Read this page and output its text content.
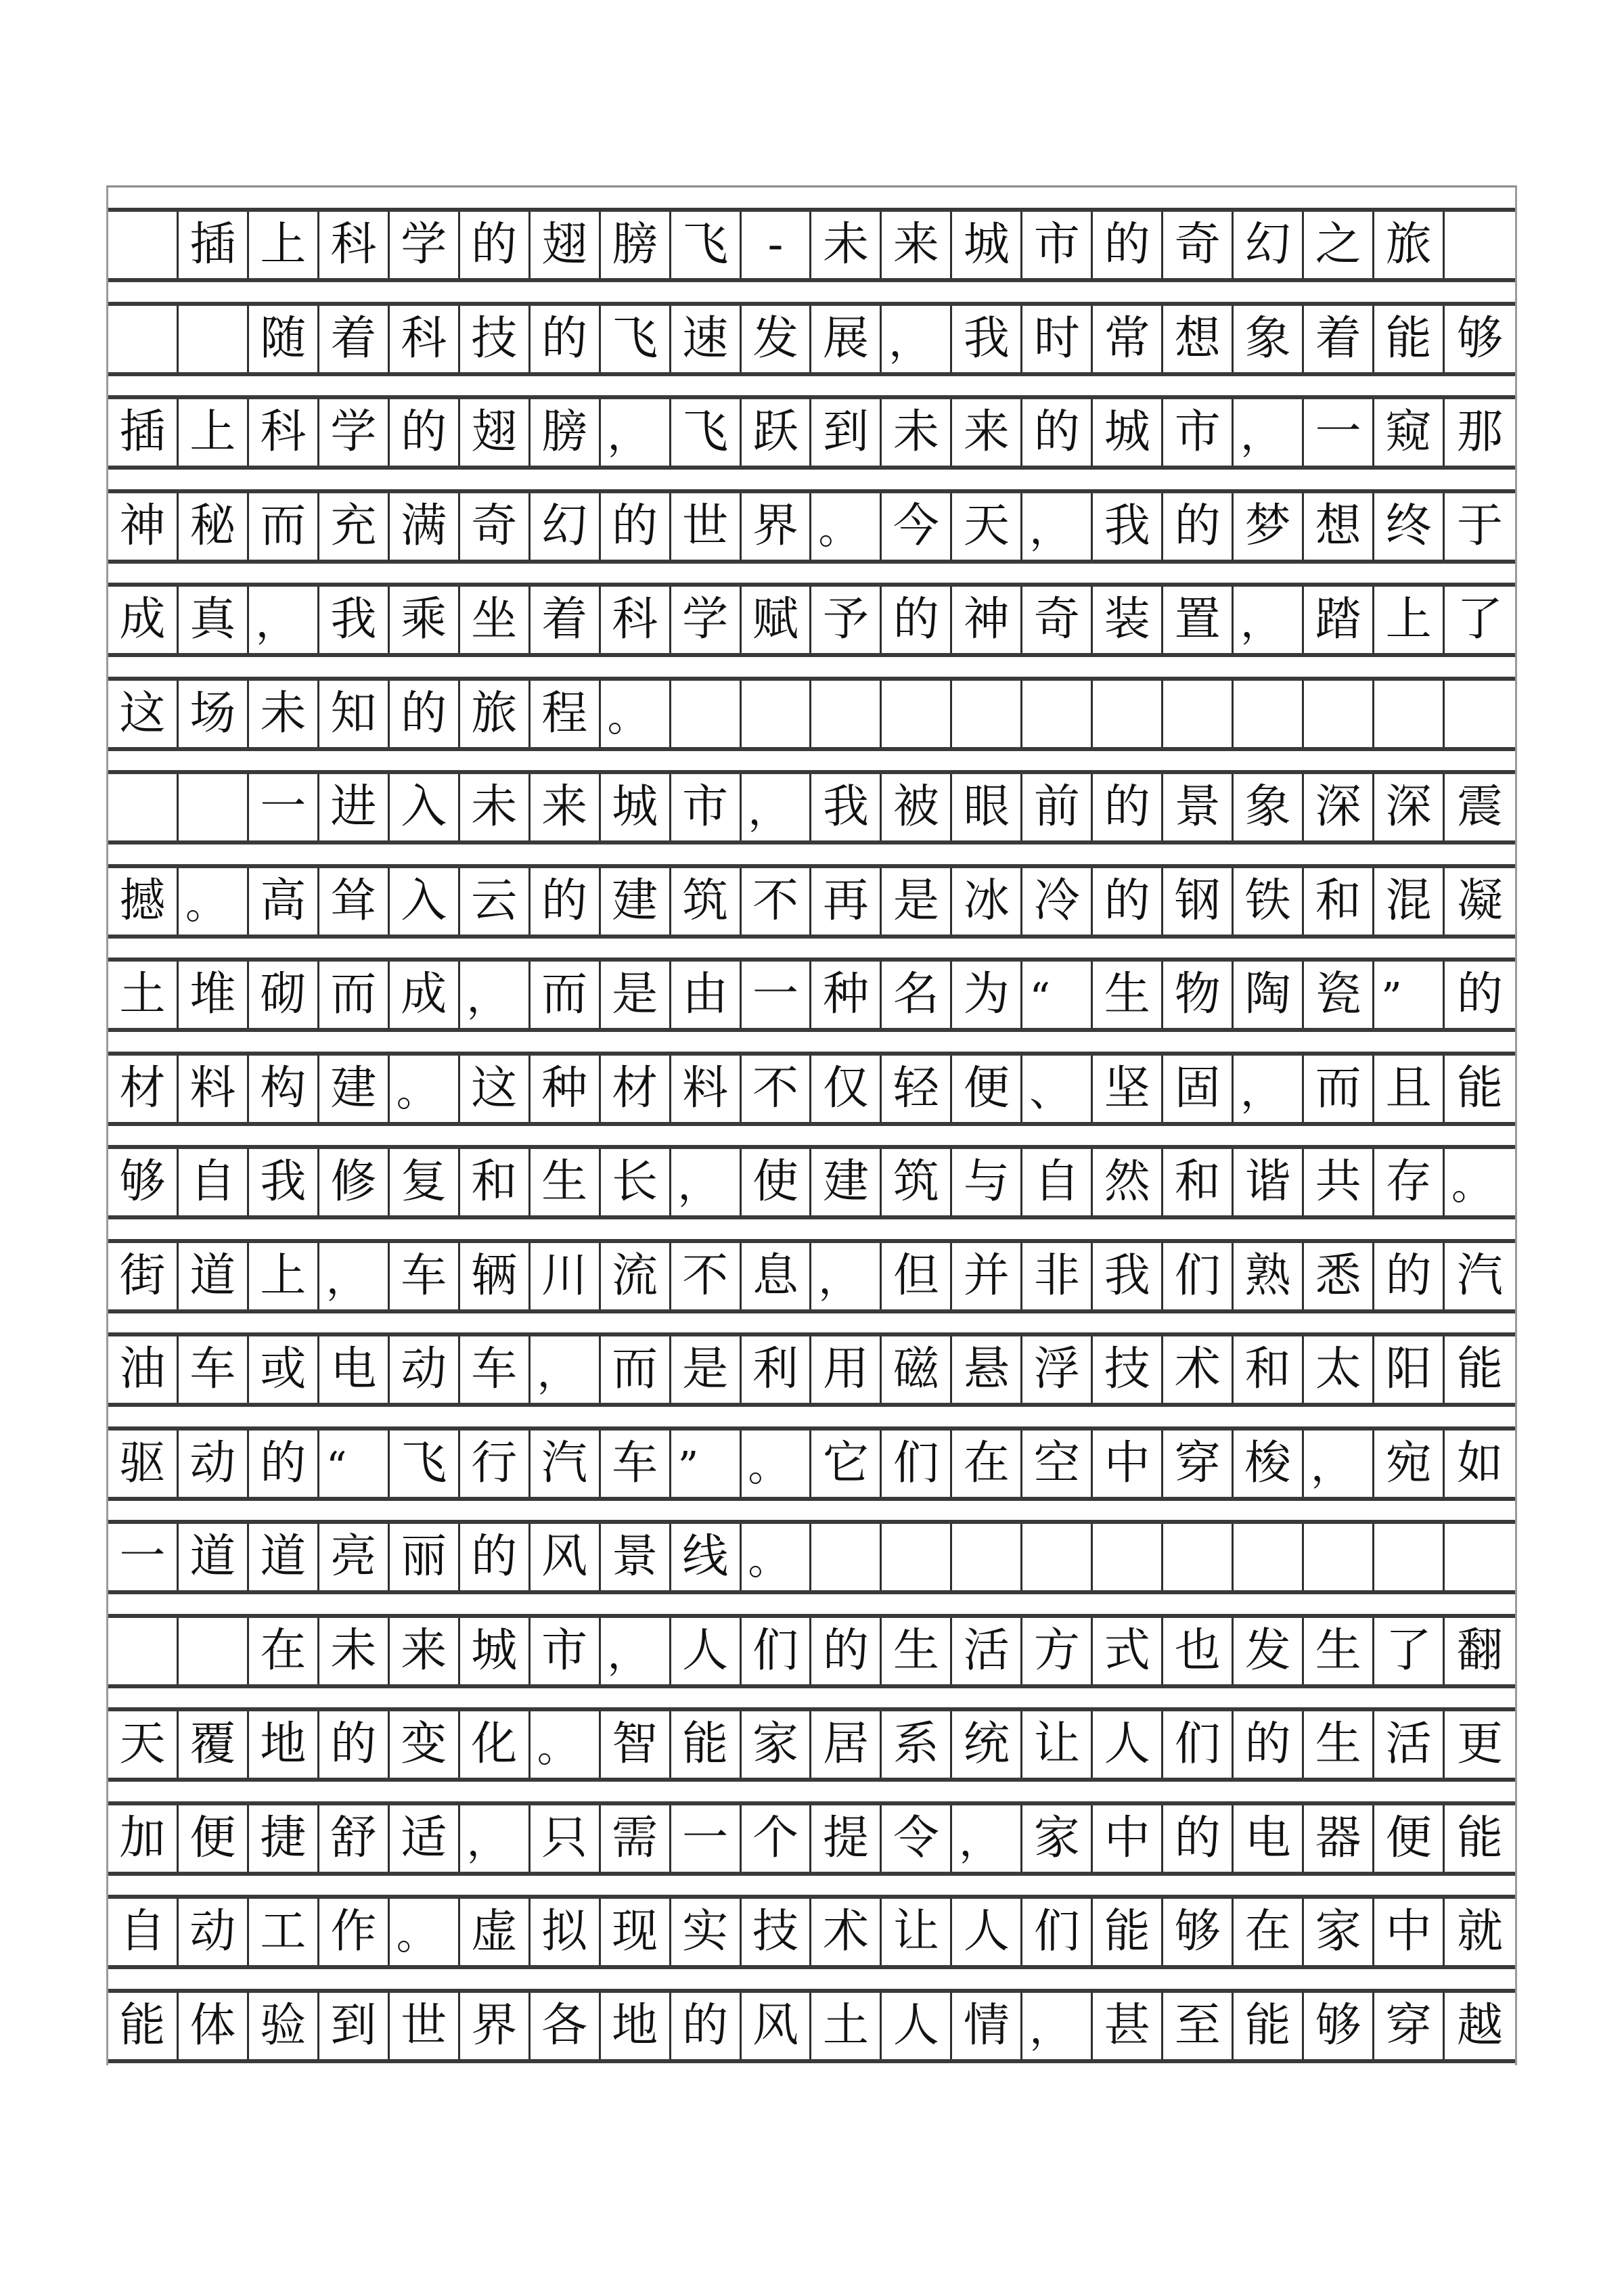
插 上 科 学 的 翅 膀 飞 - 未 来 城 市 的 奇 幻 之 旅
随 着 科 技 的 飞 速 发 展 ， 我 时 常 想 象 着 能 够
插 上 科 学 的 翅 膀 ， 飞 跃 到 未 来 的 城 市 ， 一 窥 那
神 秘 而 充 满 奇 幻 的 世 界 。 今 天 ， 我 的 梦 想 终 于
成 真 ， 我 乘 坐 着 科 学 赋 予 的 神 奇 装 置 ， 踏 上 了
这 场 未 知 的 旅 程 。
一 进 入 未 来 城 市 ， 我 被 眼 前 的 景 象 深 深 震
撼 。 高 耸 入 云 的 建 筑 不 再 是 冰 冷 的 钢 铁 和 混 凝
土 堆 砌 而 成 ， 而 是 由 一 种 名 为 “	生 物 陶 瓷 ”	的
材 料 构 建 。 这 种 材 料 不 仅 轻 便 、 坚 固 ， 而 且 能
够 自 我 修 复 和 生 长 ， 使 建 筑 与 自 然 和 谐 共 存 。
街 道 上 ， 车 辆 川 流 不 息 ， 但 并 非 我 们 熟 悉 的 汽
油 车 或 电 动 车 ， 而 是 利 用 磁 悬 浮 技 术 和 太 阳 能
驱 动 的 “	飞 行 汽 车 ”	。 它 们 在 空 中 穿 梭 ， 宛 如
一 道 道 亮 丽 的 风 景 线 。
在 未 来 城 市 ， 人 们 的 生 活 方 式 也 发 生 了 翻
天 覆 地 的 变 化 。 智 能 家 居 系 统 让 人 们 的 生 活 更
加 便 捷 舒 适 ， 只 需 一 个 提 令 ， 家 中 的 电 器 便 能
自 动 工 作 。 虚 拟 现 实 技 术 让 人 们 能 够 在 家 中 就
能 体 验 到 世 界 各 地 的 风 土 人 情 ， 甚 至 能 够 穿 越
